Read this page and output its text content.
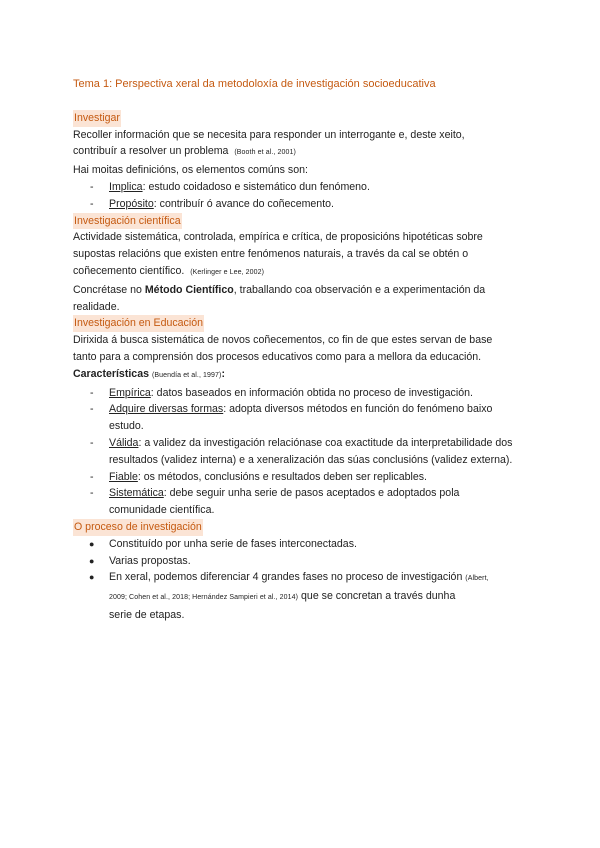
Tema 1: Perspectiva xeral da metodoloxía de investigación socioeducativa
Investigar
Recoller información que se necesita para responder un interrogante e, deste xeito,
contribuír a resolver un problema (Booth et al., 2001)
Hai moitas definicións, os elementos comúns son:
- Implica: estudo coidadoso e sistemático dun fenómeno.
- Propósito: contribuír ó avance do coñecemento.
Investigación científica
Actividade sistemática, controlada, empírica e crítica, de proposicións hipotéticas sobre
supostas relacións que existen entre fenómenos naturais, a través da cal se obtén o
coñecemento científico. (Kerlinger e Lee, 2002)
Concrétase no Método Científico, traballando coa observación e a experimentación da
realidade.
Investigación en Educación
Dirixida á busca sistemática de novos coñecementos, co fin de que estes servan de base
tanto para a comprensión dos procesos educativos como para a mellora da educación.
Características (Buendía et al., 1997):
- Empírica: datos baseados en información obtida no proceso de investigación.
- Adquire diversas formas: adopta diversos métodos en función do fenómeno baixo
estudo.
- Válida: a validez da investigación relaciónase coa exactitude da interpretabilidade dos
resultados (validez interna) e a xeneralización das súas conclusións (validez externa).
- Fiable: os métodos, conclusións e resultados deben ser replicables.
- Sistemática: debe seguir unha serie de pasos aceptados e adoptados pola
comunidade científica.
O proceso de investigación
● Constituído por unha serie de fases interconectadas.
● Varias propostas.
● En xeral, podemos diferenciar 4 grandes fases no proceso de investigación (Albert,
2009; Cohen et al., 2018; Hernández Sampieri et al., 2014) que se concretan a través dunha
serie de etapas.
